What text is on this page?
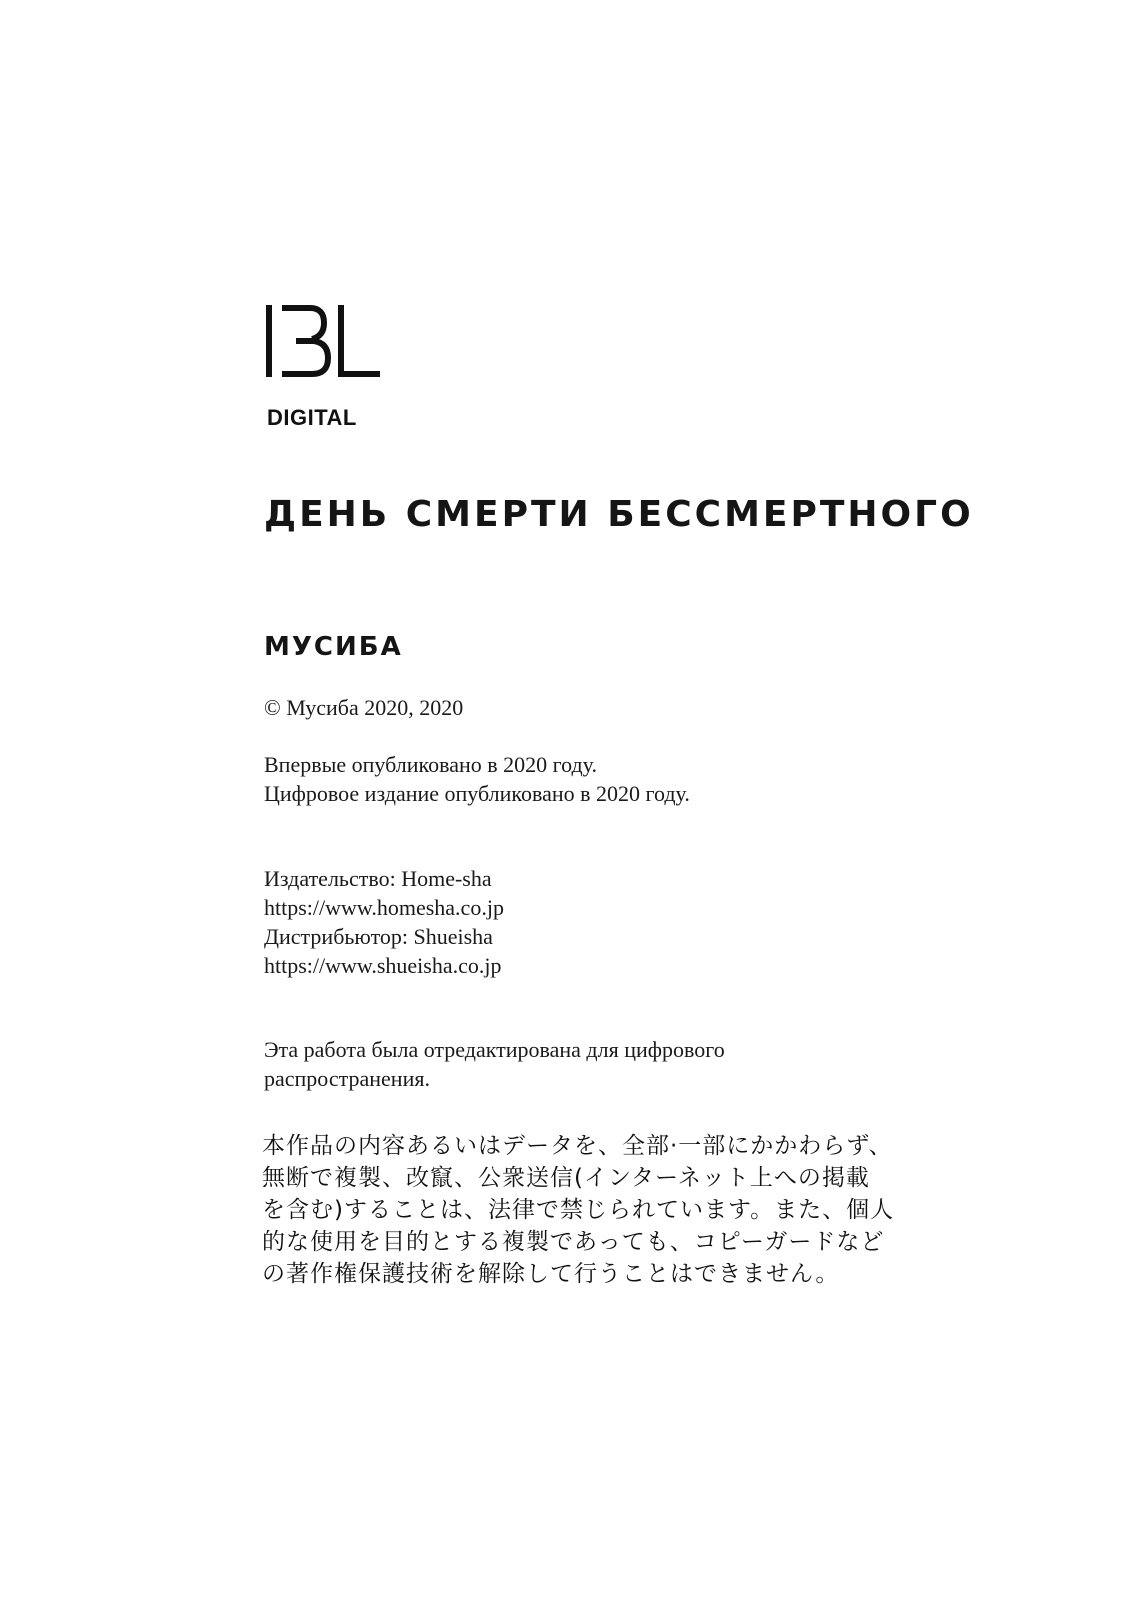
DIGITAL
ДЕНЬ СМЕРТИ БЕССМЕРТНОГО
МУСИБА
© Мусиба 2020, 2020
Впервые опубликовано в 2020 году.
Цифровое издание опубликовано в 2020 году.
Издательство: Home-sha
https://www.homesha.co.jp
Дистрибьютор: Shueisha
https://www.shueisha.co.jp
Эта работа была отредактирована для цифрового
распространения.
本作品の内容あるいはデータを、全部·一部にかかわらず、
無断で複製、改竄、公衆送信(インターネット上への掲載
を含む)することは、法律で禁じられています。また、個人
的な使用を目的とする複製であっても、コピーガードなど
の著作権保護技術を解除して行うことはできません。
